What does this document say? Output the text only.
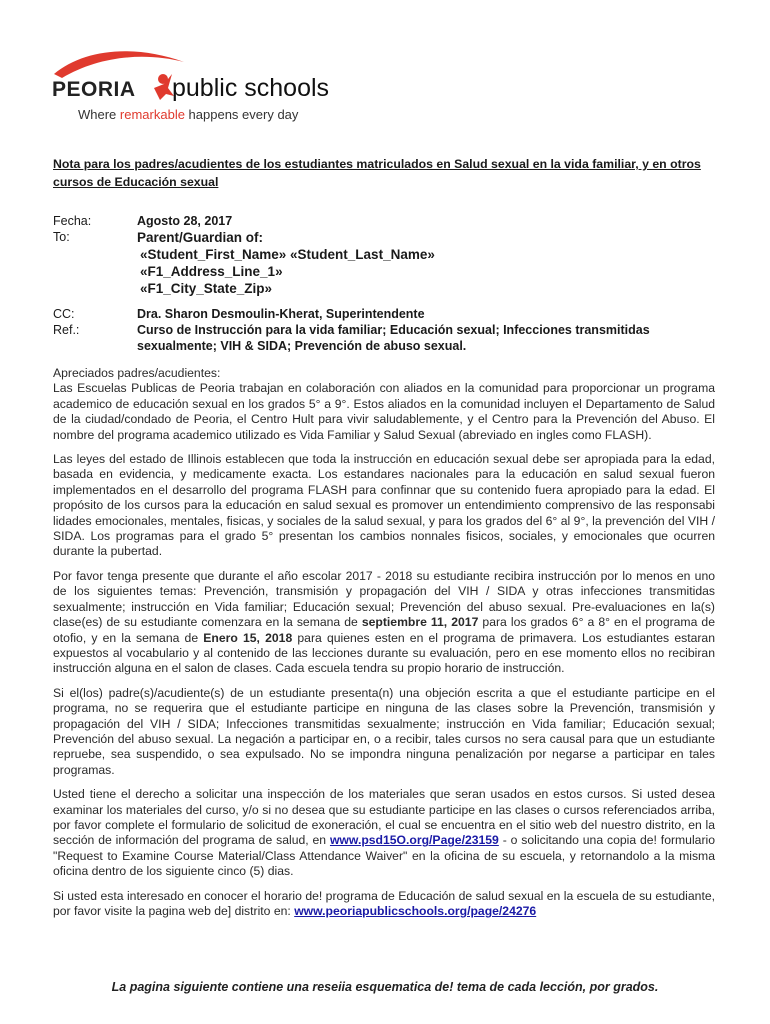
PEORIA public schools
Where remarkable happens every day

Nota para los padres/acudientes de los estudiantes matriculados en Salud sexual en la vida familiar, y en otros cursos de Educación sexual

Fecha:	Agosto 28, 2017
To:	Parent/Guardian of:
«Student_First_Name» «Student_Last_Name»
«F1_Address_Line_1»
«F1_City_State_Zip»
CC:	Dra. Sharon Desmoulin-Kherat, Superintendente
Ref.:	Curso de Instrucción para la vida familiar; Educación sexual; Infecciones transmitidas sexualmente; VIH & SIDA; Prevención de abuso sexual.

Apreciados padres/acudientes:
Las Escuelas Publicas de Peoria trabajan en colaboración con aliados en la comunidad para proporcionar un programa academico de educación sexual en los grados 5° a 9°. Estos aliados en la comunidad incluyen el Departamento de Salud de la ciudad/condado de Peoria, el Centro Hult para vivir saludablemente, y el Centro para la Prevención del Abuso. El nombre del programa academico utilizado es Vida Familiar y Salud Sexual (abreviado en ingles como FLASH).

Las leyes del estado de Illinois establecen que toda la instrucción en educación sexual debe ser apropiada para la edad, basada en evidencia, y medicamente exacta. Los estandares nacionales para la educación en salud sexual fueron implementados en el desarrollo del programa FLASH para confinnar que su contenido fuera apropiado para la edad. El propósito de los cursos para la educación en salud sexual es promover un entendimiento comprensivo de las responsabi lidades emocionales, mentales, fisicas, y sociales de la salud sexual, y para los grados del 6° al 9°, la prevención del VIH / SIDA. Los programas para el grado 5° presentan los cambios nonnales fisicos, sociales, y emocionales que ocurren durante la pubertad.

Por favor tenga presente que durante el año escolar 2017 - 2018 su estudiante recibira instrucción por lo menos en uno de los siguientes temas: Prevención, transmisión y propagación del VIH / SIDA y otras infecciones transmitidas sexualmente; instrucción en Vida familiar; Educación sexual; Prevención del abuso sexual. Pre-evaluaciones en la(s) clase(es) de su estudiante comenzara en la semana de septiembre 11, 2017 para los grados 6° a 8° en el programa de otofio, y en la semana de Enero 15, 2018 para quienes esten en el programa de primavera. Los estudiantes estaran expuestos al vocabulario y al contenido de las lecciones durante su evaluación, pero en ese momento ellos no recibiran instrucción alguna en el salon de clases. Cada escuela tendra su propio horario de instrucción.

Si el(los) padre(s)/acudiente(s) de un estudiante presenta(n) una objeción escrita a que el estudiante participe en el programa, no se requerira que el estudiante participe en ninguna de las clases sobre la Prevención, transmisión y propagación del VIH / SIDA; Infecciones transmitidas sexualmente; instrucción en Vida familiar; Educación sexual; Prevención del abuso sexual. La negación a participar en, o a recibir, tales cursos no sera causal para que un estudiante repruebe, sea suspendido, o sea expulsado. No se impondra ninguna penalización por negarse a participar en tales programas.

Usted tiene el derecho a solicitar una inspección de los materiales que seran usados en estos cursos. Si usted desea examinar los materiales del curso, y/o si no desea que su estudiante participe en las clases o cursos referenciados arriba, por favor complete el formulario de solicitud de exoneración, el cual se encuentra en el sitio web del nuestro distrito, en la sección de información del programa de salud, en www.psd15O.org/Page/23159 - o solicitando una copia de! formulario "Request to Examine Course Material/Class Attendance Waiver" en la oficina de su escuela, y retornandolo a la misma oficina dentro de los siguiente cinco (5) dias.

Si usted esta interesado en conocer el horario de! programa de Educación de salud sexual en la escuela de su estudiante, por favor visite la pagina web de] distrito en: www.peoriapublicschools.org/page/24276

La pagina siguiente contiene una reseiia esquematica de! tema de cada lección, por grados.
